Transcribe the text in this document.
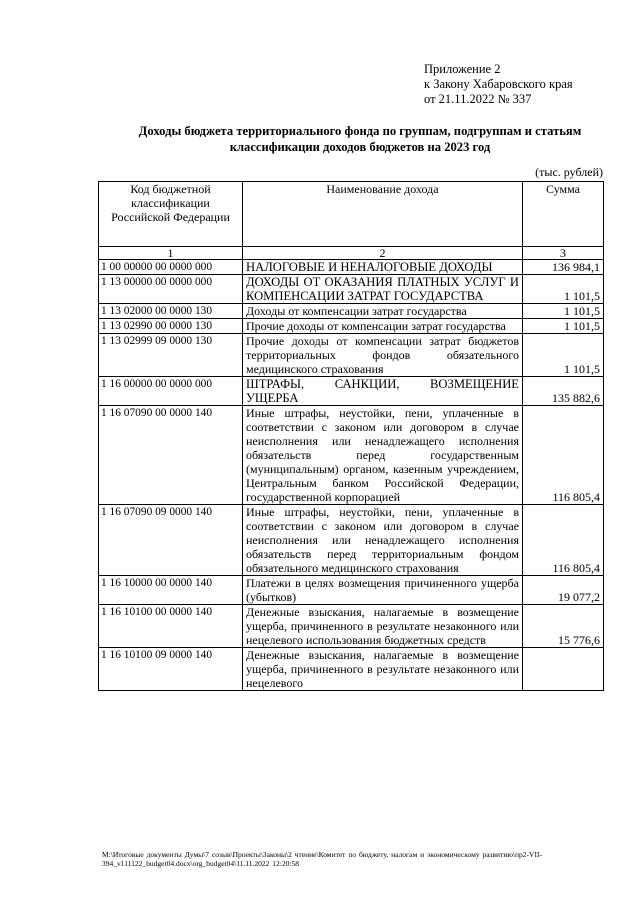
Приложение 2
к Закону Хабаровского края
от 21.11.2022 № 337
Доходы бюджета территориального фонда по группам, подгруппам и статьям
классификации доходов бюджетов на 2023 год
(тыс. рублей)
Код бюджетной классификации Российской Федерации	Наименование дохода	Сумма
1	2	3
1 00 00000 00 0000 000	НАЛОГОВЫЕ И НЕНАЛОГОВЫЕ ДОХОДЫ	136 984,1
1 13 00000 00 0000 000	ДОХОДЫ ОТ ОКАЗАНИЯ ПЛАТНЫХ УСЛУГ И КОМПЕНСАЦИИ ЗАТРАТ ГОСУДАРСТВА	1 101,5
1 13 02000 00 0000 130	Доходы от компенсации затрат государства	1 101,5
1 13 02990 00 0000 130	Прочие доходы от компенсации затрат государства	1 101,5
1 13 02999 09 0000 130	Прочие доходы от компенсации затрат бюджетов территориальных фондов обязательного медицинского страхования	1 101,5
1 16 00000 00 0000 000	ШТРАФЫ, САНКЦИИ, ВОЗМЕЩЕНИЕ УЩЕРБА	135 882,6
1 16 07090 00 0000 140	Иные штрафы, неустойки, пени, уплаченные в соответствии с законом или договором в случае неисполнения или ненадлежащего исполнения обязательств перед государственным (муниципальным) органом, казенным учреждением, Центральным банком Российской Федерации, государственной корпорацией	116 805,4
1 16 07090 09 0000 140	Иные штрафы, неустойки, пени, уплаченные в соответствии с законом или договором в случае неисполнения или ненадлежащего исполнения обязательств перед территориальным фондом обязательного медицинского страхования	116 805,4
1 16 10000 00 0000 140	Платежи в целях возмещения причиненного ущерба (убытков)	19 077,2
1 16 10100 00 0000 140	Денежные взыскания, налагаемые в возмещение ущерба, причиненного в результате незаконного или нецелевого использования бюджетных средств	15 776,6
1 16 10100 09 0000 140	Денежные взыскания, налагаемые в возмещение ущерба, причиненного в результате незаконного или нецелевого	
М:\Итоговые документы Думы\7 созыв\Проекты\Законы\2 чтение\Комитет по бюджету, налогам и экономическому развитию\пр2-VII-394_v111122_budget04.docx\org_budget04\11.11.2022 12:20:58
